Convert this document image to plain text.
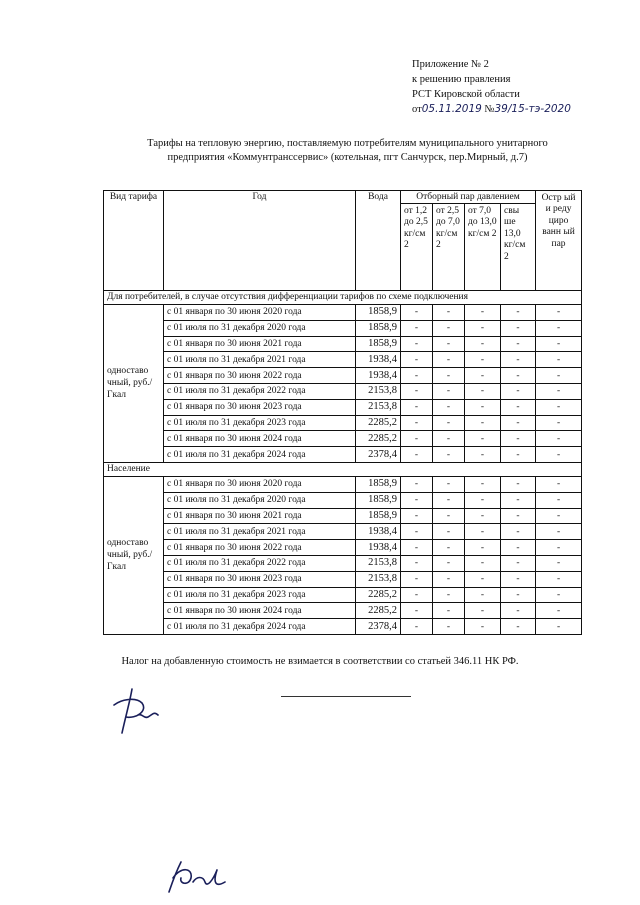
Приложение № 2
к решению правления
РСТ Кировской области
от05.11.2019 №39/15-тэ-2020
Тарифы на тепловую энергию, поставляемую потребителям муниципального унитарного
предприятия «Коммунтранссервис» (котельная, пгт Санчурск, пер.Мирный, д.7)
Вид тарифа	Год	Вода	Отборный пар давлением				Остр ый и реду циро ванн ый пар
			от 1,2 до 2,5 кг/см 2	от 2,5 до 7,0 кг/см 2	от 7,0 до 13,0 кг/см 2	свы ше 13,0 кг/см 2	
Для потребителей, в случае отсутствия дифференциации тарифов по схеме подключения							
одноставо чный, руб./Гкал	с 01 января по 30 июня 2020 года	1858,9	-	-	-	-	-
	с 01 июля по 31 декабря 2020 года	1858,9	-	-	-	-	-
	с 01 января по 30 июня 2021 года	1858,9	-	-	-	-	-
	с 01 июля по 31 декабря 2021 года	1938,4	-	-	-	-	-
	с 01 января по 30 июня 2022 года	1938,4	-	-	-	-	-
	с 01 июля по 31 декабря 2022 года	2153,8	-	-	-	-	-
	с 01 января по 30 июня 2023 года	2153,8	-	-	-	-	-
	с 01 июля по 31 декабря 2023 года	2285,2	-	-	-	-	-
	с 01 января по 30 июня 2024 года	2285,2	-	-	-	-	-
	с 01 июля по 31 декабря 2024 года	2378,4	-	-	-	-	-
Население							
одноставо чный, руб./Гкал	с 01 января по 30 июня 2020 года	1858,9	-	-	-	-	-
	с 01 июля по 31 декабря 2020 года	1858,9	-	-	-	-	-
	с 01 января по 30 июня 2021 года	1858,9	-	-	-	-	-
	с 01 июля по 31 декабря 2021 года	1938,4	-	-	-	-	-
	с 01 января по 30 июня 2022 года	1938,4	-	-	-	-	-
	с 01 июля по 31 декабря 2022 года	2153,8	-	-	-	-	-
	с 01 января по 30 июня 2023 года	2153,8	-	-	-	-	-
	с 01 июля по 31 декабря 2023 года	2285,2	-	-	-	-	-
	с 01 января по 30 июня 2024 года	2285,2	-	-	-	-	-
	с 01 июля по 31 декабря 2024 года	2378,4	-	-	-	-	-
Налог на добавленную стоимость не взимается в соответствии со статьей 346.11 НК РФ.
